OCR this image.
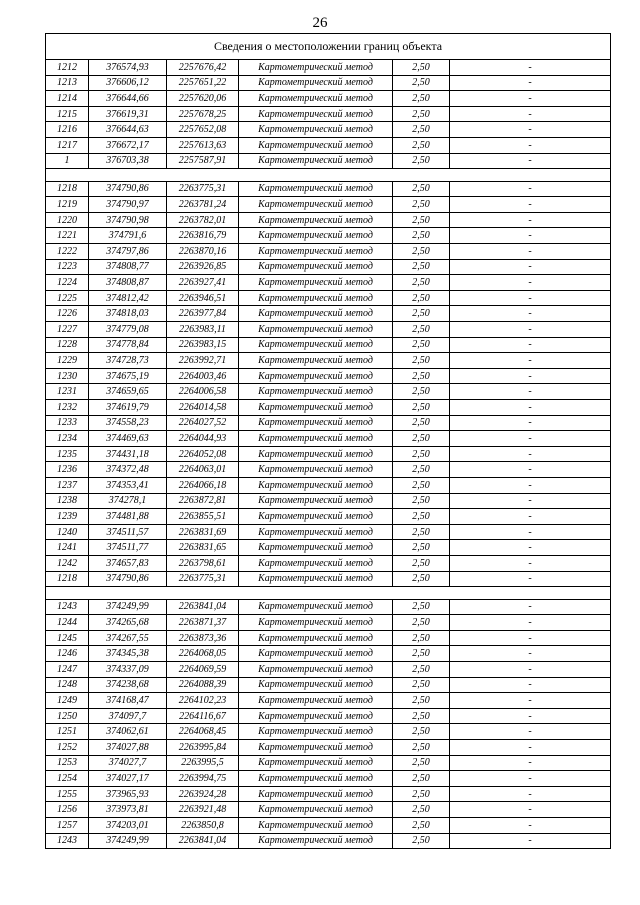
26
Сведения о местоположении границ объекта					
1212	376574,93	2257676,42	Картометрический метод	2,50	-
1213	376606,12	2257651,22	Картометрический метод	2,50	-
1214	376644,66	2257620,06	Картометрический метод	2,50	-
1215	376619,31	2257678,25	Картометрический метод	2,50	-
1216	376644,63	2257652,08	Картометрический метод	2,50	-
1217	376672,17	2257613,63	Картометрический метод	2,50	-
1	376703,38	2257587,91	Картометрический метод	2,50	-

1218	374790,86	2263775,31	Картометрический метод	2,50	-
1219	374790,97	2263781,24	Картометрический метод	2,50	-
1220	374790,98	2263782,01	Картометрический метод	2,50	-
1221	374791,6	2263816,79	Картометрический метод	2,50	-
1222	374797,86	2263870,16	Картометрический метод	2,50	-
1223	374808,77	2263926,85	Картометрический метод	2,50	-
1224	374808,87	2263927,41	Картометрический метод	2,50	-
1225	374812,42	2263946,51	Картометрический метод	2,50	-
1226	374818,03	2263977,84	Картометрический метод	2,50	-
1227	374779,08	2263983,11	Картометрический метод	2,50	-
1228	374778,84	2263983,15	Картометрический метод	2,50	-
1229	374728,73	2263992,71	Картометрический метод	2,50	-
1230	374675,19	2264003,46	Картометрический метод	2,50	-
1231	374659,65	2264006,58	Картометрический метод	2,50	-
1232	374619,79	2264014,58	Картометрический метод	2,50	-
1233	374558,23	2264027,52	Картометрический метод	2,50	-
1234	374469,63	2264044,93	Картометрический метод	2,50	-
1235	374431,18	2264052,08	Картометрический метод	2,50	-
1236	374372,48	2264063,01	Картометрический метод	2,50	-
1237	374353,41	2264066,18	Картометрический метод	2,50	-
1238	374278,1	2263872,81	Картометрический метод	2,50	-
1239	374481,88	2263855,51	Картометрический метод	2,50	-
1240	374511,57	2263831,69	Картометрический метод	2,50	-
1241	374511,77	2263831,65	Картометрический метод	2,50	-
1242	374657,83	2263798,61	Картометрический метод	2,50	-
1218	374790,86	2263775,31	Картометрический метод	2,50	-

1243	374249,99	2263841,04	Картометрический метод	2,50	-
1244	374265,68	2263871,37	Картометрический метод	2,50	-
1245	374267,55	2263873,36	Картометрический метод	2,50	-
1246	374345,38	2264068,05	Картометрический метод	2,50	-
1247	374337,09	2264069,59	Картометрический метод	2,50	-
1248	374238,68	2264088,39	Картометрический метод	2,50	-
1249	374168,47	2264102,23	Картометрический метод	2,50	-
1250	374097,7	2264116,67	Картометрический метод	2,50	-
1251	374062,61	2264068,45	Картометрический метод	2,50	-
1252	374027,88	2263995,84	Картометрический метод	2,50	-
1253	374027,7	2263995,5	Картометрический метод	2,50	-
1254	374027,17	2263994,75	Картометрический метод	2,50	-
1255	373965,93	2263924,28	Картометрический метод	2,50	-
1256	373973,81	2263921,48	Картометрический метод	2,50	-
1257	374203,01	2263850,8	Картометрический метод	2,50	-
1243	374249,99	2263841,04	Картометрический метод	2,50	-
